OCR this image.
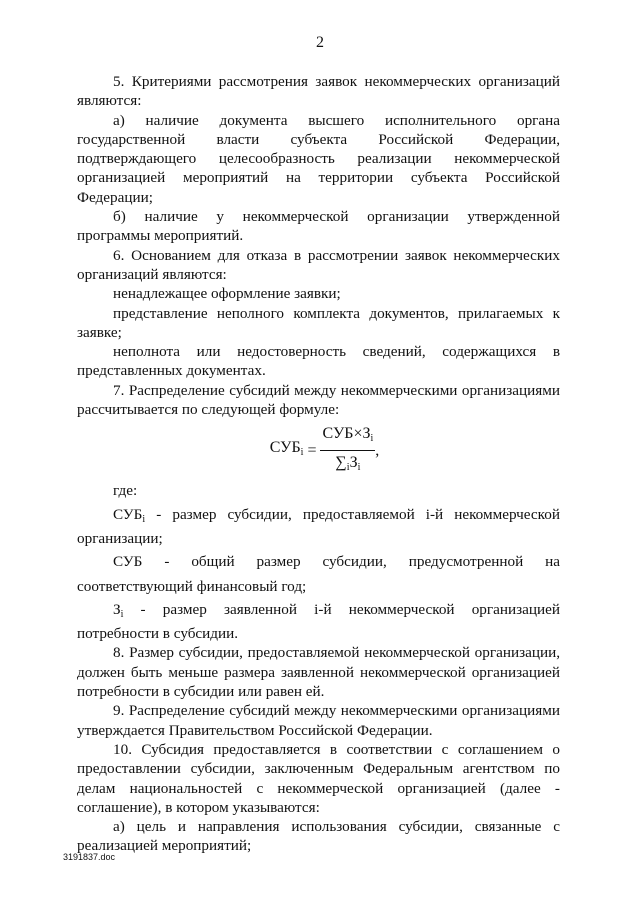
2

5. Критериями рассмотрения заявок некоммерческих организаций являются:

а) наличие документа высшего исполнительного органа государственной власти субъекта Российской Федерации, подтверждающего целесообразность реализации некоммерческой организацией мероприятий на территории субъекта Российской Федерации;

б) наличие у некоммерческой организации утвержденной программы мероприятий.

6. Основанием для отказа в рассмотрении заявок некоммерческих организаций являются:

ненадлежащее оформление заявки;

представление неполного комплекта документов, прилагаемых к заявке;

неполнота или недостоверность сведений, содержащихся в представленных документах.

7. Распределение субсидий между некоммерческими организациями рассчитывается по следующей формуле:

$СУБ_i = \frac{СУБ\times З_i}{\sum_iЗ_i}$ ,

где:

$СУБ_i$ - размер субсидии, предоставляемой i-й некоммерческой организации;

СУБ - общий размер субсидии, предусмотренной на соответствующий финансовый год;

$З_i$ - размер заявленной i-й некоммерческой организацией потребности в субсидии.

8. Размер субсидии, предоставляемой некоммерческой организации, должен быть меньше размера заявленной некоммерческой организацией потребности в субсидии или равен ей.

9. Распределение субсидий между некоммерческими организациями утверждается Правительством Российской Федерации.

10. Субсидия предоставляется в соответствии с соглашением о предоставлении субсидии, заключенным Федеральным агентством по делам национальностей с некоммерческой организацией (далее - соглашение), в котором указываются:

а) цель и направления использования субсидии, связанные с реализацией мероприятий;

3191837.doc
